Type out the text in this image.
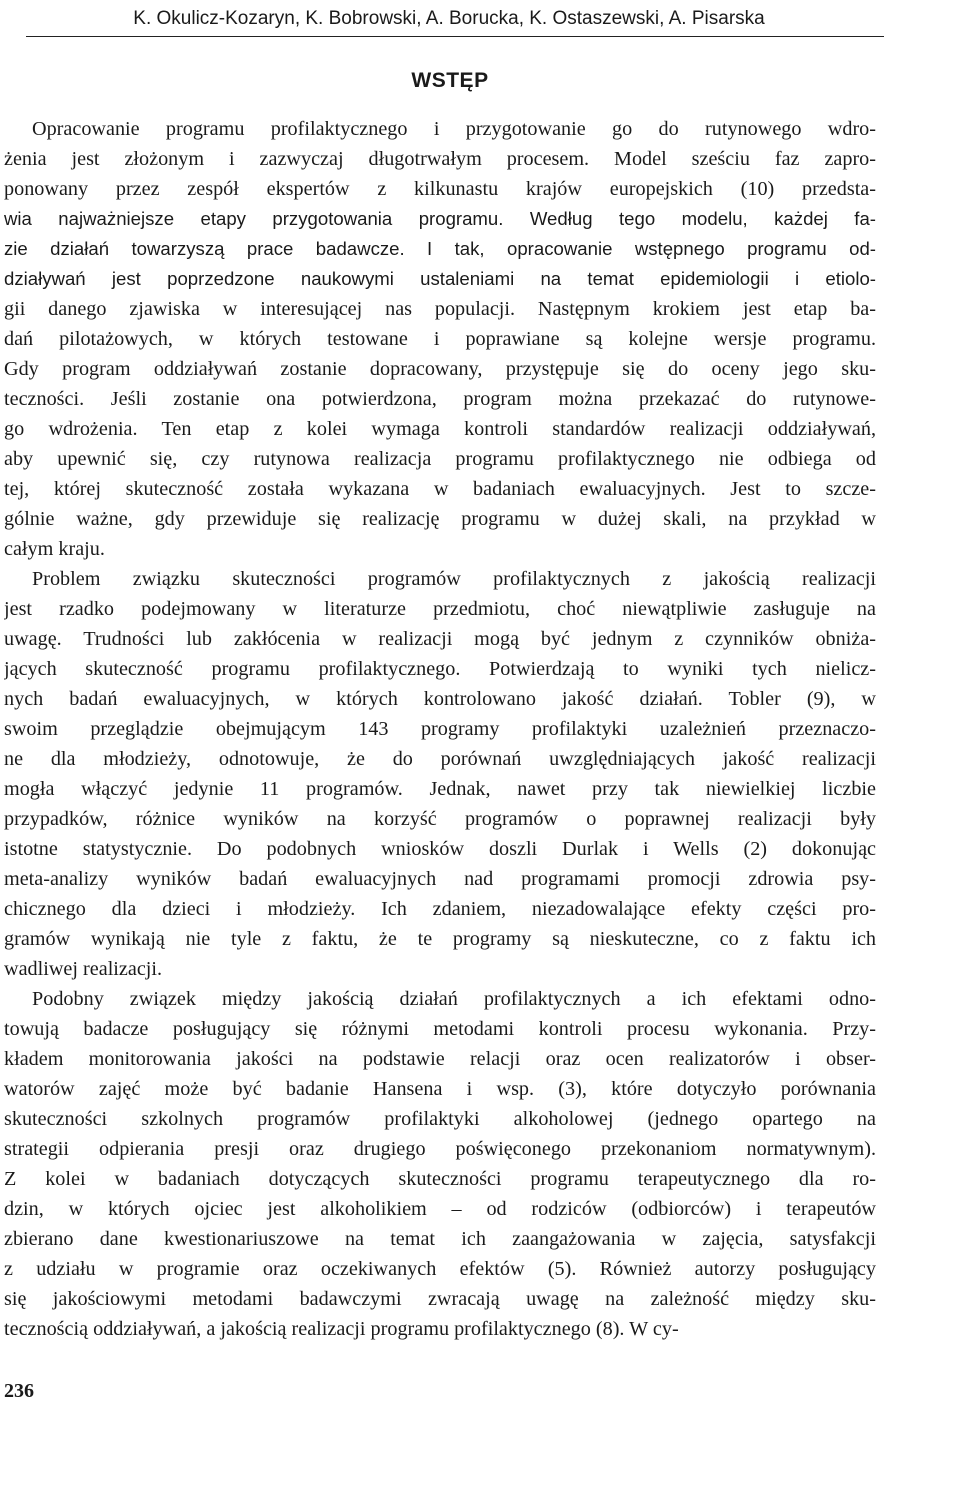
K. Okulicz-Kozaryn, K. Bobrowski, A. Borucka, K. Ostaszewski, A. Pisarska
WSTĘP
Opracowanie programu profilaktycznego i przygotowanie go do rutynowego wdro-
żenia jest złożonym i zazwyczaj długotrwałym procesem. Model sześciu faz zapro-
ponowany przez zespół ekspertów z kilkunastu krajów europejskich (10) przedsta-
wia najważniejsze etapy przygotowania programu. Według tego modelu, każdej fa-
zie działań towarzyszą prace badawcze. I tak, opracowanie wstępnego programu od-
działywań jest poprzedzone naukowymi ustaleniami na temat epidemiologii i etiolo-
gii danego zjawiska w interesującej nas populacji. Następnym krokiem jest etap ba-
dań pilotażowych, w których testowane i poprawiane są kolejne wersje programu.
Gdy program oddziaływań zostanie dopracowany, przystępuje się do oceny jego sku-
teczności. Jeśli zostanie ona potwierdzona, program można przekazać do rutynowe-
go wdrożenia. Ten etap z kolei wymaga kontroli standardów realizacji oddziaływań,
aby upewnić się, czy rutynowa realizacja programu profilaktycznego nie odbiega od
tej, której skuteczność została wykazana w badaniach ewaluacyjnych. Jest to szcze-
gólnie ważne, gdy przewiduje się realizację programu w dużej skali, na przykład w
całym kraju.
Problem związku skuteczności programów profilaktycznych z jakością realizacji
jest rzadko podejmowany w literaturze przedmiotu, choć niewątpliwie zasługuje na
uwagę. Trudności lub zakłócenia w realizacji mogą być jednym z czynników obniża-
jących skuteczność programu profilaktycznego. Potwierdzają to wyniki tych nielicz-
nych badań ewaluacyjnych, w których kontrolowano jakość działań. Tobler (9), w
swoim przeglądzie obejmującym 143 programy profilaktyki uzależnień przeznaczo-
ne dla młodzieży, odnotowuje, że do porównań uwzględniających jakość realizacji
mogła włączyć jedynie 11 programów. Jednak, nawet przy tak niewielkiej liczbie
przypadków, różnice wyników na korzyść programów o poprawnej realizacji były
istotne statystycznie. Do podobnych wniosków doszli Durlak i Wells (2) dokonując
meta-analizy wyników badań ewaluacyjnych nad programami promocji zdrowia psy-
chicznego dla dzieci i młodzieży. Ich zdaniem, niezadowalające efekty części pro-
gramów wynikają nie tyle z faktu, że te programy są nieskuteczne, co z faktu ich
wadliwej realizacji.
Podobny związek między jakością działań profilaktycznych a ich efektami odno-
towują badacze posługujący się różnymi metodami kontroli procesu wykonania. Przy-
kładem monitorowania jakości na podstawie relacji oraz ocen realizatorów i obser-
watorów zajęć może być badanie Hansena i wsp. (3), które dotyczyło porównania
skuteczności szkolnych programów profilaktyki alkoholowej (jednego opartego na
strategii odpierania presji oraz drugiego poświęconego przekonaniom normatywnym).
Z kolei w badaniach dotyczących skuteczności programu terapeutycznego dla ro-
dzin, w których ojciec jest alkoholikiem – od rodziców (odbiorców) i terapeutów
zbierano dane kwestionariuszowe na temat ich zaangażowania w zajęcia, satysfakcji
z udziału w programie oraz oczekiwanych efektów (5). Również autorzy posługujący
się jakościowymi metodami badawczymi zwracają uwagę na zależność między sku-
tecznością oddziaływań, a jakością realizacji programu profilaktycznego (8). W cy-
236
